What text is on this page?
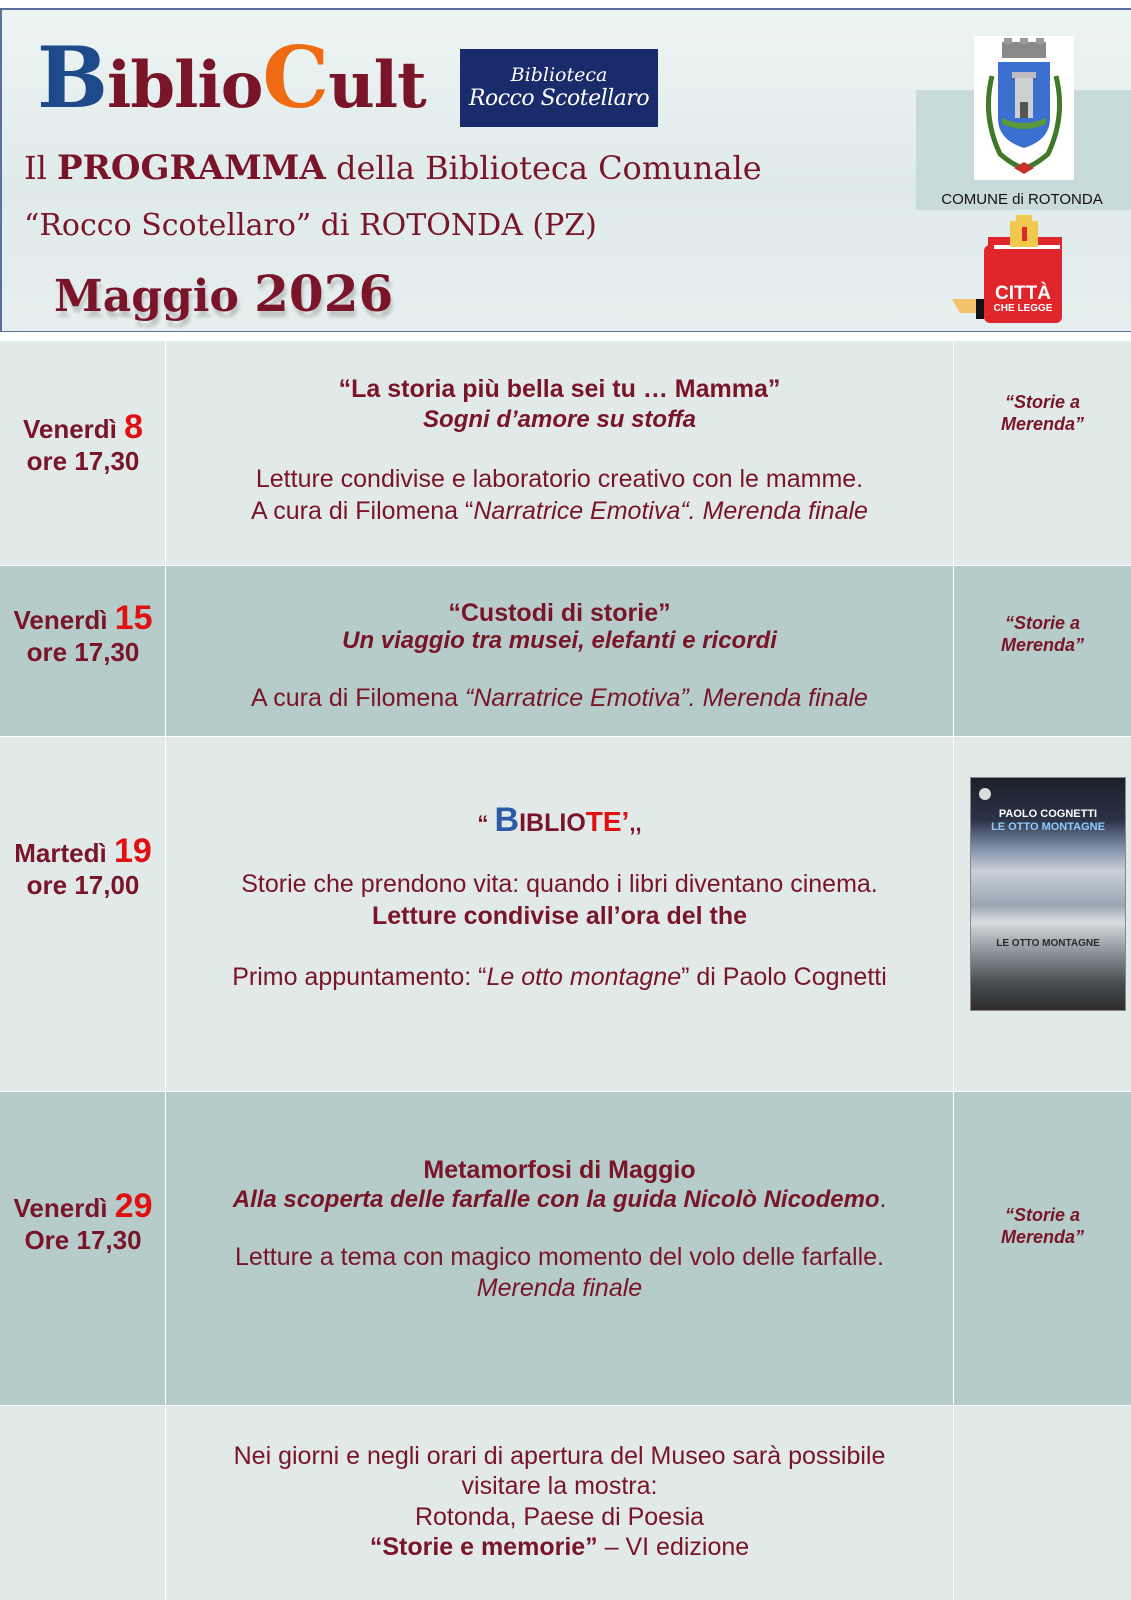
BiblioCult	Biblioteca
Rocco Scotellaro
Il PROGRAMMA della Biblioteca Comunale
“Rocco Scotellaro” di ROTONDA (PZ)
Maggio 2026
COMUNE di ROTONDA
CITTÀ
CHE LEGGE
Venerdì 8
ore 17,30
“La storia più bella sei tu … Mamma”
Sogni d’amore su stoffa
Letture condivise e laboratorio creativo con le mamme.
A cura di Filomena “Narratrice Emotiva“. Merenda finale
“Storie a Merenda”
Venerdì 15
ore 17,30
“Custodi di storie”
Un viaggio tra musei, elefanti e ricordi
A cura di Filomena “Narratrice Emotiva”. Merenda finale
“Storie a Merenda”
Martedì 19
ore 17,00
“ BIBLIOTE’,,
Storie che prendono vita: quando i libri diventano cinema.
Letture condivise all’ora del the
Primo appuntamento: “Le otto montagne” di Paolo Cognetti
PAOLO COGNETTI
LE OTTO MONTAGNE
LE OTTO MONTAGNE
Venerdì 29
Ore 17,30
Metamorfosi di Maggio
Alla scoperta delle farfalle con la guida Nicolò Nicodemo.
Letture a tema con magico momento del volo delle farfalle.
Merenda finale
“Storie a Merenda”
Nei giorni e negli orari di apertura del Museo sarà possibile
visitare la mostra:
Rotonda, Paese di Poesia
“Storie e memorie” – VI edizione
